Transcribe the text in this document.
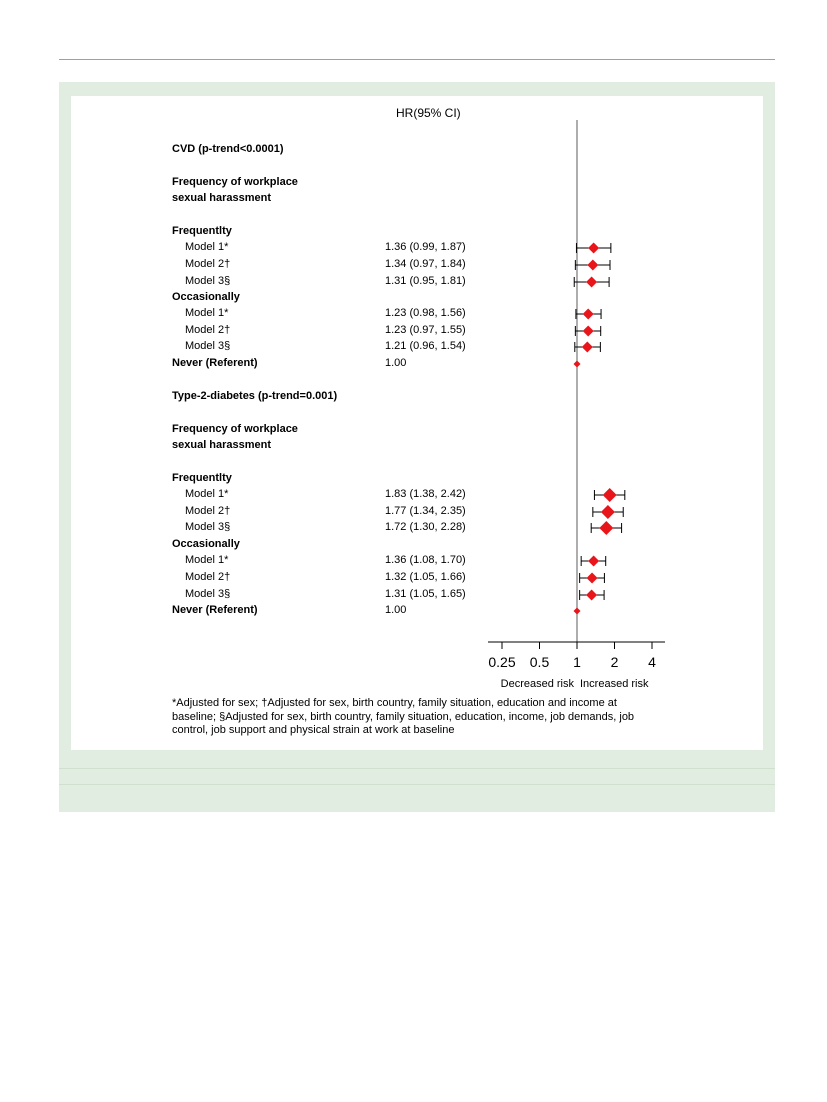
HR(95% CI)
CVD (p-trend<0.0001)
Frequency of workplace
sexual harassment
Frequentlty
Model 1*	1.36 (0.99, 1.87)
Model 2†	1.34 (0.97, 1.84)
Model 3§	1.31 (0.95, 1.81)
Occasionally
Model 1*	1.23 (0.98, 1.56)
Model 2†	1.23 (0.97, 1.55)
Model 3§	1.21 (0.96, 1.54)
Never (Referent)	1.00
Type-2-diabetes (p-trend=0.001)
Frequency of workplace
sexual harassment
Frequentlty
Model 1*	1.83 (1.38, 2.42)
Model 2†	1.77 (1.34, 2.35)
Model 3§	1.72 (1.30, 2.28)
Occasionally
Model 1*	1.36 (1.08, 1.70)
Model 2†	1.32 (1.05, 1.66)
Model 3§	1.31 (1.05, 1.65)
Never (Referent)	1.00
0.25 0.5 1 2 4
Decreased risk Increased risk
*Adjusted for sex; †Adjusted for sex, birth country, family situation, education and income at baseline; §Adjusted for sex, birth country, family situation, education, income, job demands, job control, job support and physical strain at work at baseline
